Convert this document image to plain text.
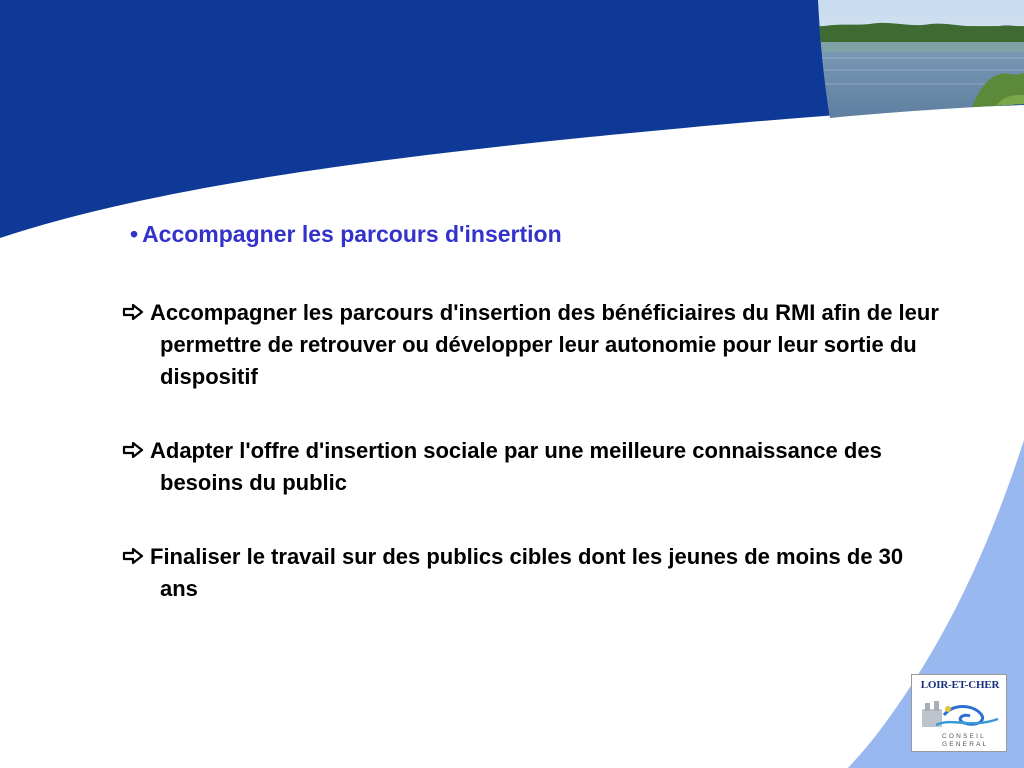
• Accompagner les parcours d'insertion
Accompagner les parcours d'insertion des bénéficiaires du RMI afin de leur permettre de retrouver ou développer leur autonomie pour leur sortie du dispositif
Adapter l'offre d'insertion sociale par une meilleure connaissance des besoins du public
Finaliser le travail sur des publics cibles dont les jeunes de moins de 30 ans
LOIR-ET-CHER
CONSEIL
GENERAL
